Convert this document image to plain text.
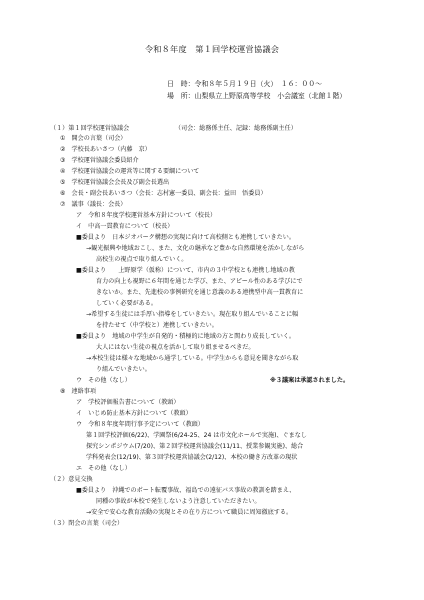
令和８年度　第１回学校運営協議会
日　時：令和８年５月１９日（火）　１６：００～
場　所：山梨県立上野原高等学校　小会議室（北館１階）
（１）第１回学校運営協議会　　　　　　　　（司会：総務係主任、記録：総務係副主任）
①　開会の言葉（司会）
②　学校長あいさつ（内藤　京）
③　学校運営協議会委員紹介
④　学校運営協議会の運営等に関する要綱について
⑤　学校運営協議会会長及び副会長選出
⑥　会長・副会長あいさつ（会長：志村憲一委員、副会長：益田　悟委員）
⑦　議事（議長：会長）
ア　令和８年度学校運営基本方針について（校長）
イ　中高一貫教育について（校長）
■委員より　日本ジオパーク構想の実現に向けて高校側とも連携していきたい。
→観光振興や地域おこし、また、文化の継承など豊かな自然環境を活かしながら
高校生の視点で取り組んでいく。
■委員より　　上野原学（仮称）について、市内の３中学校とも連携し地域の教
育力の向上も視野に６年間を通じた学び、また、アピール性のある学びにで
きないか。また、先進校の事例研究を通じ意義のある連携型中高一貫教育に
していく必要がある。
→希望する生徒には手厚い指導をしていきたい。現在取り組んでいることに幅
を持たせて（中学校と）連携していきたい。
■委員より　地域の中学生が自発的・積極的に地域の方と関わり成長していく。
大人にはない生徒の視点を活かして取り組ませるべきだ。
→本校生徒は様々な地域から通学している。中学生からも意見を聞きながら取
り組んでいきたい。
ウ　その他（なし）	※３議案は承認されました。
⑧　連絡事項
ア　学校評価報告書について（教頭）
イ　いじめ防止基本方針について（教頭）
ウ　令和８年度年間行事予定について（教頭）
第１回学校評価(6/22)、学園祭(6/24-25、24 は市文化ホールで実施)、ぐまなし
探究シンポジウム(7/20)、第２回学校運営協議会(11/11、授業参観実施)、総合
学科発表会(12/19)、第３回学校運営協議会(2/12)、本校の働き方改革の現状
エ　その他（なし）
（２）意見交換
■委員より　沖縄でのボート転覆事故、福島での遠征バス事故の教訓を踏まえ、
同種の事故が本校で発生しないよう注意していただきたい。
→安全で安心な教育活動の実現とその在り方について職員に周知徹底する。
（３）閉会の言葉（司会）
